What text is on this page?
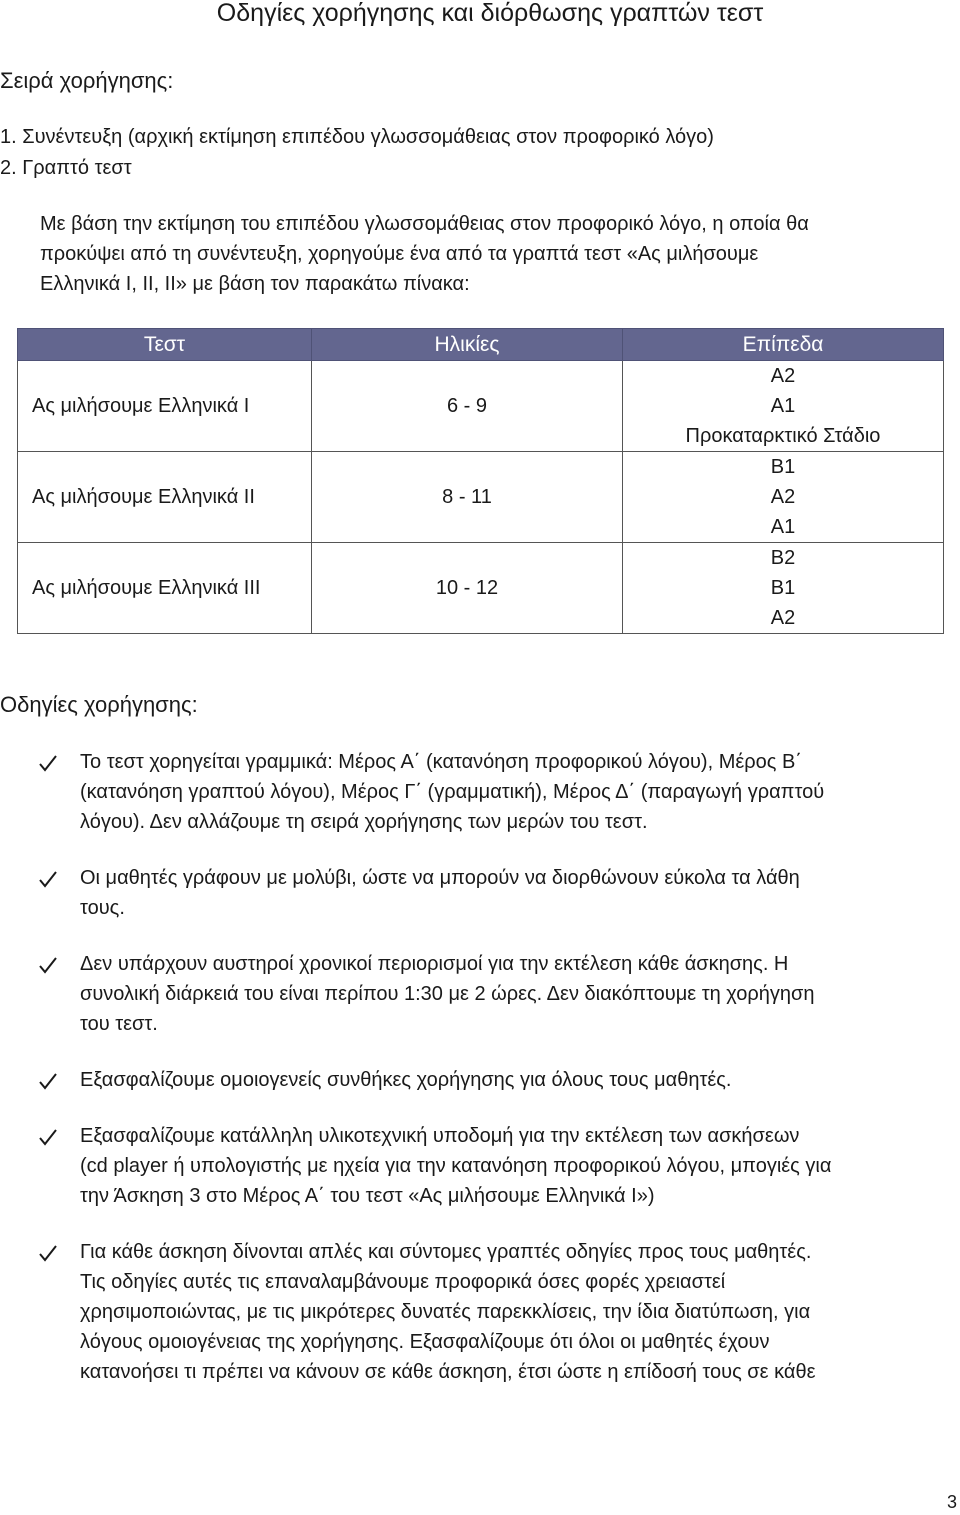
Οδηγίες χορήγησης και διόρθωσης γραπτών τεστ
Σειρά χορήγησης:
1. Συνέντευξη (αρχική εκτίμηση επιπέδου γλωσσομάθειας στον προφορικό λόγο)
2. Γραπτό τεστ
Με βάση την εκτίμηση του επιπέδου γλωσσομάθειας στον προφορικό λόγο, η οποία θα
προκύψει από τη συνέντευξη, χορηγούμε ένα από τα γραπτά τεστ «Ας μιλήσουμε
Ελληνικά Ι, ΙΙ, ΙΙ» με βάση τον παρακάτω πίνακα:
Τεστ	Ηλικίες	Επίπεδα
Ας μιλήσουμε Ελληνικά Ι	6 - 9	Α2
Α1
Προκαταρκτικό Στάδιο

Ας μιλήσουμε Ελληνικά ΙΙ	8 - 11	Β1
Α2
Α1

Ας μιλήσουμε Ελληνικά ΙΙΙ	10 - 12	Β2
Β1
Α2
Οδηγίες χορήγησης:
Το τεστ χορηγείται γραμμικά: Μέρος Α΄ (κατανόηση προφορικού λόγου), Μέρος Β΄
(κατανόηση γραπτού λόγου), Μέρος Γ΄ (γραμματική), Μέρος Δ΄ (παραγωγή γραπτού
λόγου). Δεν αλλάζουμε τη σειρά χορήγησης των μερών του τεστ.
Οι μαθητές γράφουν με μολύβι, ώστε να μπορούν να διορθώνουν εύκολα τα λάθη
τους.
Δεν υπάρχουν αυστηροί χρονικοί περιορισμοί για την εκτέλεση κάθε άσκησης. Η
συνολική διάρκειά του είναι περίπου 1:30 με 2 ώρες. Δεν διακόπτουμε τη χορήγηση
του τεστ.
Εξασφαλίζουμε ομοιογενείς συνθήκες χορήγησης για όλους τους μαθητές.
Εξασφαλίζουμε κατάλληλη υλικοτεχνική υποδομή για την εκτέλεση των ασκήσεων
(cd player ή υπολογιστής με ηχεία για την κατανόηση προφορικού λόγου, μπογιές για
την Άσκηση 3 στο Μέρος Α΄ του τεστ «Ας μιλήσουμε Ελληνικά Ι»)
Για κάθε άσκηση δίνονται απλές και σύντομες γραπτές οδηγίες προς τους μαθητές.
Τις οδηγίες αυτές τις επαναλαμβάνουμε προφορικά όσες φορές χρειαστεί
χρησιμοποιώντας, με τις μικρότερες δυνατές παρεκκλίσεις, την ίδια διατύπωση, για
λόγους ομοιογένειας της χορήγησης. Εξασφαλίζουμε ότι όλοι οι μαθητές έχουν
κατανοήσει τι πρέπει να κάνουν σε κάθε άσκηση, έτσι ώστε η επίδοσή τους σε κάθε
3
